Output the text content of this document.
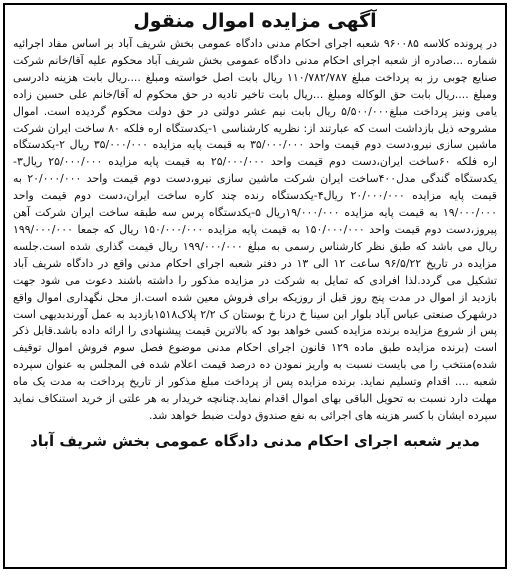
آگهی مزایده اموال منقول

در پرونده کلاسه ۹۶۰۰۸۵ شعبه اجرای احکام مدنی دادگاه عمومی بخش شریف آباد بر اساس مفاد اجرائیه شماره ...صادره از شعبه اجرای احکام مدنی دادگاه عمومی بخش شریف آباد محکوم علیه آقا/خانم شرکت صنایع چوبی رز به پرداخت مبلغ ۱۱۰/۷۸۲/۷۸۷ ریال بابت اصل خواسته ومبلغ ....ریال بابت هزینه دادرسی ومبلغ ....ریال بابت حق الوکاله ومبلغ ...ریال بابت تاخیر تادیه در حق محکوم له آقا/خانم علی حسین زاده یامی ونیز پرداخت مبلغ۵/۵۰۰/۰۰۰ ریال بابت نیم عشر دولتی در حق دولت محکوم گردیده است. اموال مشروحه ذیل بازداشت است که عبارتند از: نظریه کارشناسی ۱-یکدستگاه اره فلکه ۸۰ ساخت ایران شرکت ماشین سازی نیرو،دست دوم قیمت واحد ۳۵/۰۰۰/۰۰۰ به قیمت پایه مزایده ۳۵/۰۰۰/۰۰۰ ریال ۲-یکدستگاه اره فلکه ۶۰ساخت ایران،دست دوم قیمت واحد ۲۵/۰۰۰/۰۰۰ به قیمت پایه مزایده ۲۵/۰۰۰/۰۰۰ ریال۳-یکدستگاه گندگی مدل۴۰۰ساخت ایران شرکت ماشین سازی نیرو،دست دوم قیمت واحد ۲۰/۰۰۰/۰۰۰ به قیمت پایه مزایده ۲۰/۰۰۰/۰۰۰ ریال۴-یکدستگاه رنده چند کاره ساخت ایران،دست دوم قیمت واحد ۱۹/۰۰۰/۰۰۰ به قیمت پایه مزایده ۱۹/۰۰۰/۰۰۰ریال ۵-یکدستگاه پرس سه طبقه ساخت ایران شرکت آهن پیروز،دست دوم قیمت واحد ۱۵۰/۰۰۰/۰۰۰ به قیمت پایه مزایده ۱۵۰/۰۰۰/۰۰۰ ریال که جمعا ۱۹۹/۰۰۰/۰۰۰ ریال می باشد که طبق نظر کارشناس رسمی به مبلغ ۱۹۹/۰۰۰/۰۰۰ ریال قیمت گذاری شده است.جلسه مزایده در تاریخ ۹۶/۵/۲۲ ساعت ۱۲ الی ۱۳ در دفتر شعبه اجرای احکام مدنی واقع در دادگاه شریف آباد تشکیل می گردد.لذا افرادی که تمایل به شرکت در مزایده مذکور را داشته باشند دعوت می شود جهت بازدید از اموال در مدت پنج روز قبل از روزیکه برای فروش معین شده است.از محل نگهداری اموال واقع درشهرک صنعتی عباس آباد بلوار ابن سینا خ درنا خ بوستان ک ۲/۲ پلاک۱۵۱۸بازدید به عمل آورندبدیهی است پس از شروع مزایده برنده مزایده کسی خواهد بود که بالاترین قیمت پیشنهادی را ارائه داده باشد.قابل ذکر است (برنده مزایده طبق ماده ۱۲۹ قانون اجرای احکام مدنی موضوع فصل سوم فروش اموال توقیف شده)منتخب را می بایست نسبت به واریز نمودن ده درصد قیمت اعلام شده فی المجلس به عنوان سپرده شعبه .... اقدام وتسلیم نماید. برنده مزایده پس از پرداخت مبلغ مذکور از تاریخ پرداخت به مدت یک ماه مهلت دارد نسبت به تحویل الباقی بهای اموال اقدام نماید.چنانچه خریدار به هر علتی از خرید استنکاف نماید سپرده ایشان با کسر هزینه های اجرائی به نفع صندوق دولت ضبط خواهد شد.

مدیر شعبه اجرای احکام مدنی دادگاه عمومی بخش شریف آباد
